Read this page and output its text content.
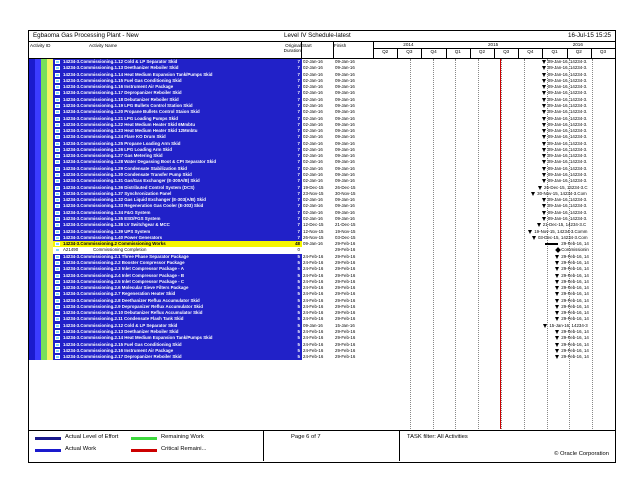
Egbaoma Gas Processing Plant - New	Level IV Schedule-latest	16-Jul-15 15:25
Activity ID	Activity Name	Original Duration
Start	Finish	2014	2015	2016
Q2	Q3	Q4	Q1	Q2	Q3	Q4	Q1	Q2	Q3
14234-3.Commissioning.1.12 Cold & LP Separator Skid	7 02-Jan-16	09-Jan-16	09-Jan-16, 14234-3.
14234-3.Commissioning.1.13 Deethanizer Reboiler Skid	7 02-Jan-16	09-Jan-16	09-Jan-16, 14234-3.
14234-3.Commissioning.1.14 Heat Medium Expansion Tank/Pumps Skid	7 02-Jan-16	09-Jan-16	09-Jan-16, 14234-3.
14234-3.Commissioning.1.15 Fuel Gas Conditioning Skid	7 02-Jan-16	09-Jan-16	09-Jan-16, 14234-3.
14234-3.Commissioning.1.16 Instrument Air Package	7 02-Jan-16	09-Jan-16	09-Jan-16, 14234-3.
14234-3.Commissioning.1.17 Depropanizer Reboiler Skid	7 02-Jan-16	09-Jan-16	09-Jan-16, 14234-3.
14234-3.Commissioning.1.18 Debutanizer Reboiler Skid	7 02-Jan-16	09-Jan-16	09-Jan-16, 14234-3.
14234-3.Commissioning.1.19 LPG Bullets Control Station Skid	7 02-Jan-16	09-Jan-16	09-Jan-16, 14234-3.
14234-3.Commissioning.1.20 Propane Bullets Control Staion Skid	7 02-Jan-16	09-Jan-16	09-Jan-16, 14234-3.
14234-3.Commissioning.1.21 LPG Loading Pumps Skid	7 02-Jan-16	09-Jan-16	09-Jan-16, 14234-3.
14234-3.Commissioning.1.22 Heat Medium Heater Skid 6Mmbtu	7 02-Jan-16	09-Jan-16	09-Jan-16, 14234-3.
14234-3.Commissioning.1.23 Heat Medium Heater Skid 12Mmbtu	7 02-Jan-16	09-Jan-16	09-Jan-16, 14234-3.
14234-3.Commissioning.1.24 Flare KO Drum Skid	7 02-Jan-16	09-Jan-16	09-Jan-16, 14234-3.
14234-3.Commissioning.1.25 Propane Loading Arm Skid	7 02-Jan-16	09-Jan-16	09-Jan-16, 14234-3.
14234-3.Commissioning.1.26 LPG Loading Arm Skid	7 02-Jan-16	09-Jan-16	09-Jan-16, 14234-3.
14234-3.Commissioning.1.27 Gas Metering Skid	7 02-Jan-16	09-Jan-16	09-Jan-16, 14234-3.
14234-3.Commissioning.1.28 Water Degassing Boot & CPI Separator Skid	7 02-Jan-16	09-Jan-16	09-Jan-16, 14234-3.
14234-3.Commissioning.1.29 Condensate Stabilization Skid	7 02-Jan-16	09-Jan-16	09-Jan-16, 14234-3.
14234-3.Commissioning.1.30 Condensate Transfer Pump Skid	7 02-Jan-16	09-Jan-16	09-Jan-16, 14234-3.
14234-3.Commissioning.1.31 Gas/Gas Exchanger (E-300A/B) Skid	7 02-Jan-16	09-Jan-16	09-Jan-16, 14234-3.
14234-3.Commissioning.1.36 Distributed Control System (DCS)	7 19-Dec-15	26-Dec-15	26-Dec-15, 14234-3.C
14234-3.Commissioning.1.37 Synchronization Panel	7 23-Nov-15	30-Nov-15	30-Nov-15, 14234-3.Com
14234-3.Commissioning.1.32 Gas Liquid Exchanger (E-303(A/B) Skid	7 02-Jan-16	09-Jan-16	09-Jan-16, 14234-3.
14234-3.Commissioning.1.33 Regeneration Gas Cooler (E-303) Skid	7 02-Jan-16	09-Jan-16	09-Jan-16, 14234-3.
14234-3.Commissioning.1.34 F&G System	7 02-Jan-16	09-Jan-16	09-Jan-16, 14234-3.
14234-3.Commissioning.1.35 ESD/FGS System	7 02-Jan-16	09-Jan-16	09-Jan-16, 14234-3.
14234-3.Commissioning.1.38 LV Switchgear & MCC	7 12-Dec-15	21-Dec-15	21-Dec-15, 14234-3.C
14234-3.Commissioning.1.39 UPS System	7 12-Nov-15	19-Nov-15	19-Nov-15, 14234-3.Comm
14234-3.Commissioning.1.40 Power Generators	7 26-Nov-15	03-Dec-15	03-Dec-15, 14234-3.Com
14234-3.Commissioning.2 Commissioning Works	48 09-Jan-16	29-Feb-16	29-Feb-16, 14
A21490	Commissioning Completion	0	29-Feb-16	Commissionin
14234-3.Commissioning.2.1 Three Phase Separator Package	5 24-Feb-16	29-Feb-16	29-Feb-16, 14
14234-3.Commissioning.2.2 Booster Compressor Package	5 24-Feb-16	29-Feb-16	29-Feb-16, 14
14234-3.Commissioning.2.3 Inlet Compressor Package - A	5 24-Feb-16	29-Feb-16	29-Feb-16, 14
14234-3.Commissioning.2.4 Inlet Compressor Package - B	5 24-Feb-16	29-Feb-16	29-Feb-16, 14
14234-3.Commissioning.2.5 Inlet Compressor Package - C	5 24-Feb-16	29-Feb-16	29-Feb-16, 14
14234-3.Commissioning.2.6 Molecular Sieve Filters Package	5 24-Feb-16	29-Feb-16	29-Feb-16, 14
14234-3.Commissioning.2.7 Regeneration Heater Skid	5 24-Feb-16	29-Feb-16	29-Feb-16, 14
14234-3.Commissioning.2.8 Deethanizer Reflux Accumulator Skid	5 24-Feb-16	29-Feb-16	29-Feb-16, 14
14234-3.Commissioning.2.9 Depropanizer Reflux Accumulator Skid	5 24-Feb-16	29-Feb-16	29-Feb-16, 14
14234-3.Commissioning.2.10 Debutanizer Reflux Accumulator Skid	5 24-Feb-16	29-Feb-16	29-Feb-16, 14
14234-3.Commissioning.2.11 Condensate Flash Tank Skid	5 24-Feb-16	29-Feb-16	29-Feb-16, 14
14234-3.Commissioning.2.12 Cold & LP Separator Skid	5 09-Jan-16	15-Jan-16	15-Jan-16, 14234-3
14234-3.Commissioning.2.13 Deethanizer Reboiler Skid	5 24-Feb-16	29-Feb-16	29-Feb-16, 14
14234-3.Commissioning.2.14 Heat Medium Expansion Tank/Pumps Skid	5 24-Feb-16	29-Feb-16	29-Feb-16, 14
14234-3.Commissioning.2.15 Fuel Gas Conditioning Skid	5 24-Feb-16	29-Feb-16	29-Feb-16, 14
14234-3.Commissioning.2.16 Instrument Air Package	5 24-Feb-16	29-Feb-16	29-Feb-16, 14
14234-3.Commissioning.2.17 Depropanizer Reboiler Skid	5 24-Feb-16	29-Feb-16	29-Feb-16, 14
Actual Level of Effort
Actual Work
Remaining Work
Critical Remaini...
Page 6 of 7	TASK filter: All Activities
© Oracle Corporation
